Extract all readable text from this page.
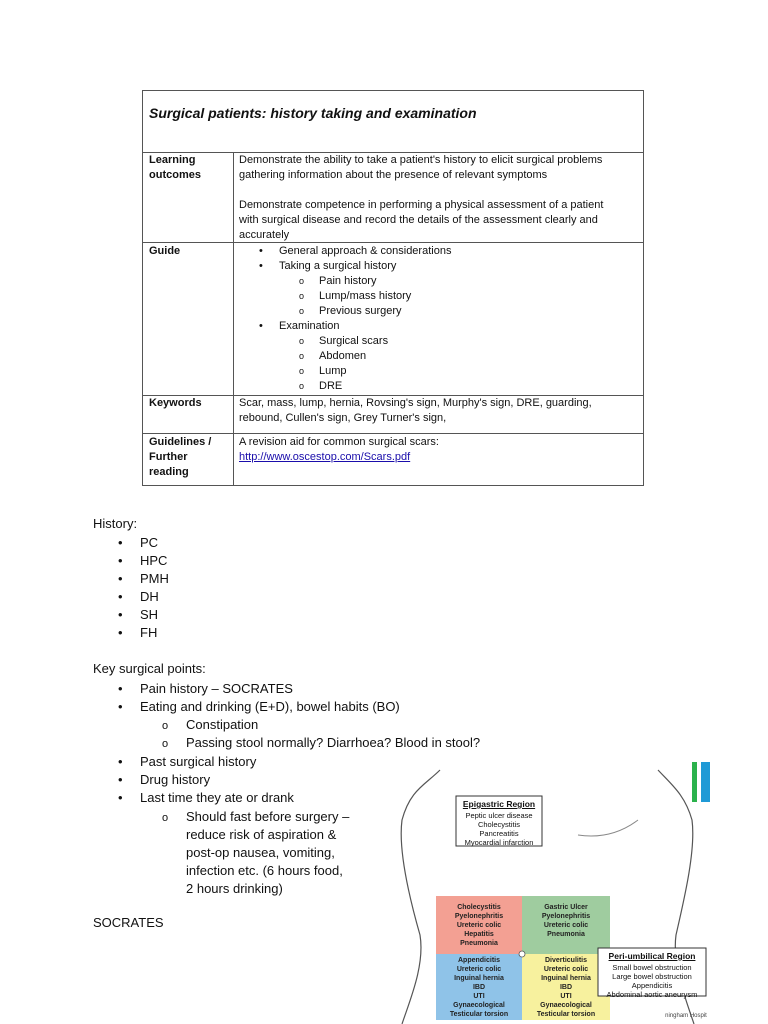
Surgical patients: history taking and examination
Learning
outcomes

Demonstrate the ability to take a patient's history to elicit surgical problems

gathering information about the presence of relevant symptoms

Demonstrate competence in performing a physical assessment of a patient

with surgical disease and record the details of the assessment clearly and

accurately

Guide
•	General approach & considerations
• Taking a surgical history
o Pain history
o Lump/mass history
o Previous surgery
• Examination
o Surgical scars
o Abdomen
o Lump
o DRE
Keywords	Scar, mass, lump, hernia, Rovsing's sign, Murphy's sign, DRE, guarding,

rebound, Cullen's sign, Grey Turner's sign,

Guidelines /
Further
reading

A revision aid for common surgical scars:

http://www.oscestop.com/Scars.pdf

History:
• PC
• HPC
• PMH
• DH
• SH
• FH
Key surgical points:
• Pain history – SOCRATES
• Eating and drinking (E+D), bowel habits (BO)
o Constipation
o Passing stool normally? Diarrhoea? Blood in stool?
• Past surgical history
• Drug history
• Last time they ate or drank
o Should fast before surgery –
reduce risk of aspiration &
post-op nausea, vomiting,
infection etc. (6 hours food,
2 hours drinking)
SOCRATES
Epigastric Region
Peptic ulcer disease
Cholecystitis
Pancreatitis
Myocardial infarction
Cholecystitis
Pyelonephritis
Ureteric colic
Hepatitis
Pneumonia
Gastric Ulcer
Pyelonephritis
Ureteric colic
Pneumonia
Appendicitis
Ureteric colic
Inguinal hernia
IBD
UTI
Gynaecological
Testicular torsion
Diverticulitis
Ureteric colic
Inguinal hernia
IBD
UTI
Gynaecological
Testicular torsion
Peri-umbilical Region
Small bowel obstruction
Large bowel obstruction
Appendicitis
Abdominal aortic aneurysm
ningham Hospit
